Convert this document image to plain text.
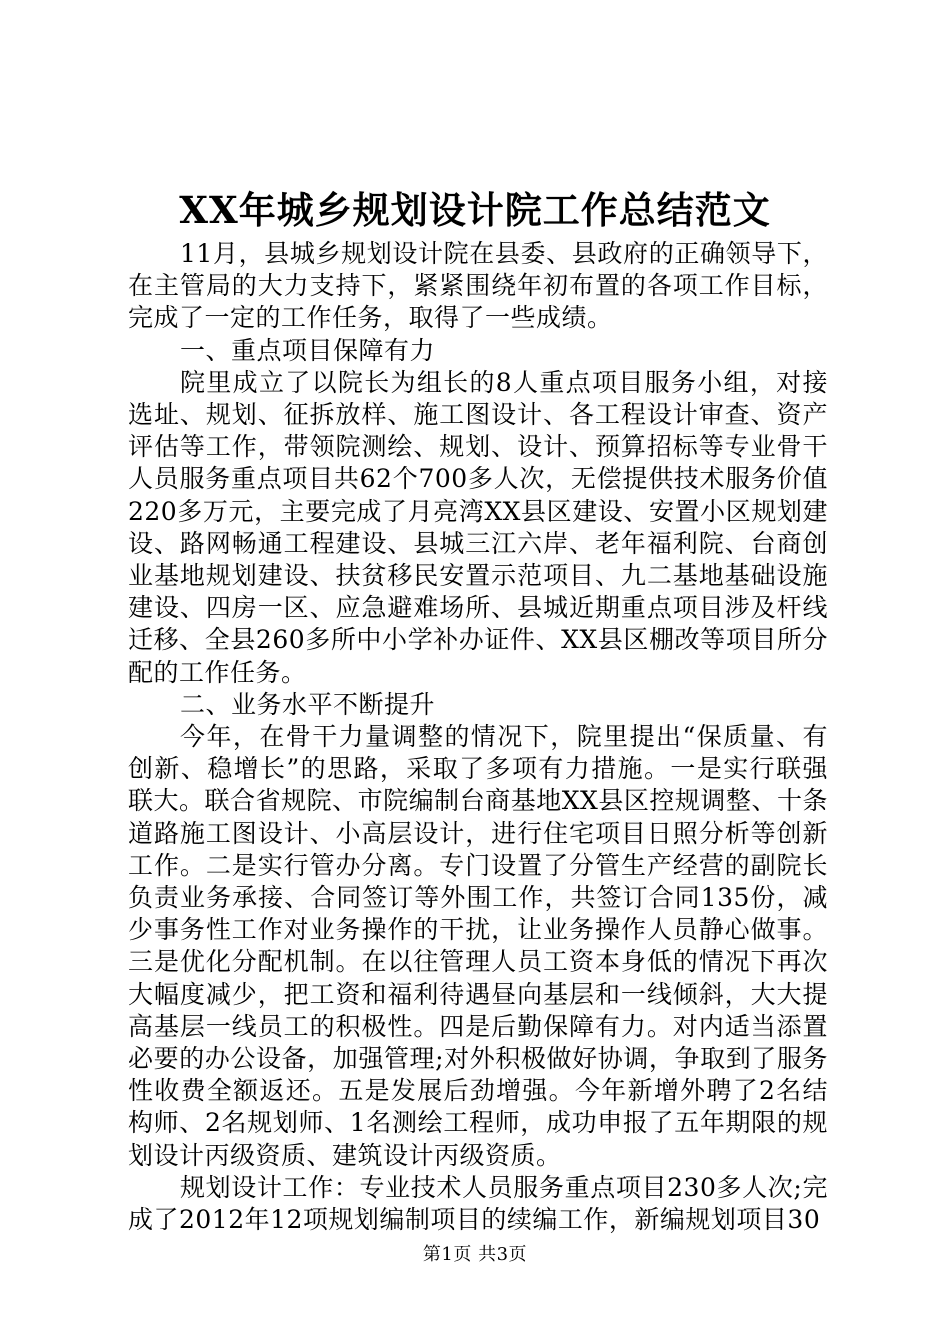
XX年城乡规划设计院工作总结范文

11月，县城乡规划设计院在县委、县政府的正确领导下，在主管局的大力支持下，紧紧围绕年初布置的各项工作目标，完成了一定的工作任务，取得了一些成绩。

一、重点项目保障有力

院里成立了以院长为组长的8人重点项目服务小组，对接选址、规划、征拆放样、施工图设计、各工程设计审查、资产评估等工作，带领院测绘、规划、设计、预算招标等专业骨干人员服务重点项目共62个700多人次，无偿提供技术服务价值220多万元，主要完成了月亮湾XX县区建设、安置小区规划建设、路网畅通工程建设、县城三江六岸、老年福利院、台商创业基地规划建设、扶贫移民安置示范项目、九二基地基础设施建设、四房一区、应急避难场所、县城近期重点项目涉及杆线迁移、全县260多所中小学补办证件、XX县区棚改等项目所分配的工作任务。

二、业务水平不断提升

今年，在骨干力量调整的情况下，院里提出“保质量、有创新、稳增长”的思路，采取了多项有力措施。一是实行联强联大。联合省规院、市院编制台商基地XX县区控规调整、十条道路施工图设计、小高层设计，进行住宅项目日照分析等创新工作。二是实行管办分离。专门设置了分管生产经营的副院长负责业务承接、合同签订等外围工作，共签订合同135份，减少事务性工作对业务操作的干扰，让业务操作人员静心做事。三是优化分配机制。在以往管理人员工资本身低的情况下再次大幅度减少，把工资和福利待遇昼向基层和一线倾斜，大大提高基层一线员工的积极性。四是后勤保障有力。对内适当添置必要的办公设备，加强管理;对外积极做好协调，争取到了服务性收费全额返还。五是发展后劲增强。今年新增外聘了2名结构师、2名规划师、1名测绘工程师，成功申报了五年期限的规划设计丙级资质、建筑设计丙级资质。

规划设计工作：专业技术人员服务重点项目230多人次;完成了2012年12项规划编制项目的续编工作，新编规划项目30

第1页 共3页
